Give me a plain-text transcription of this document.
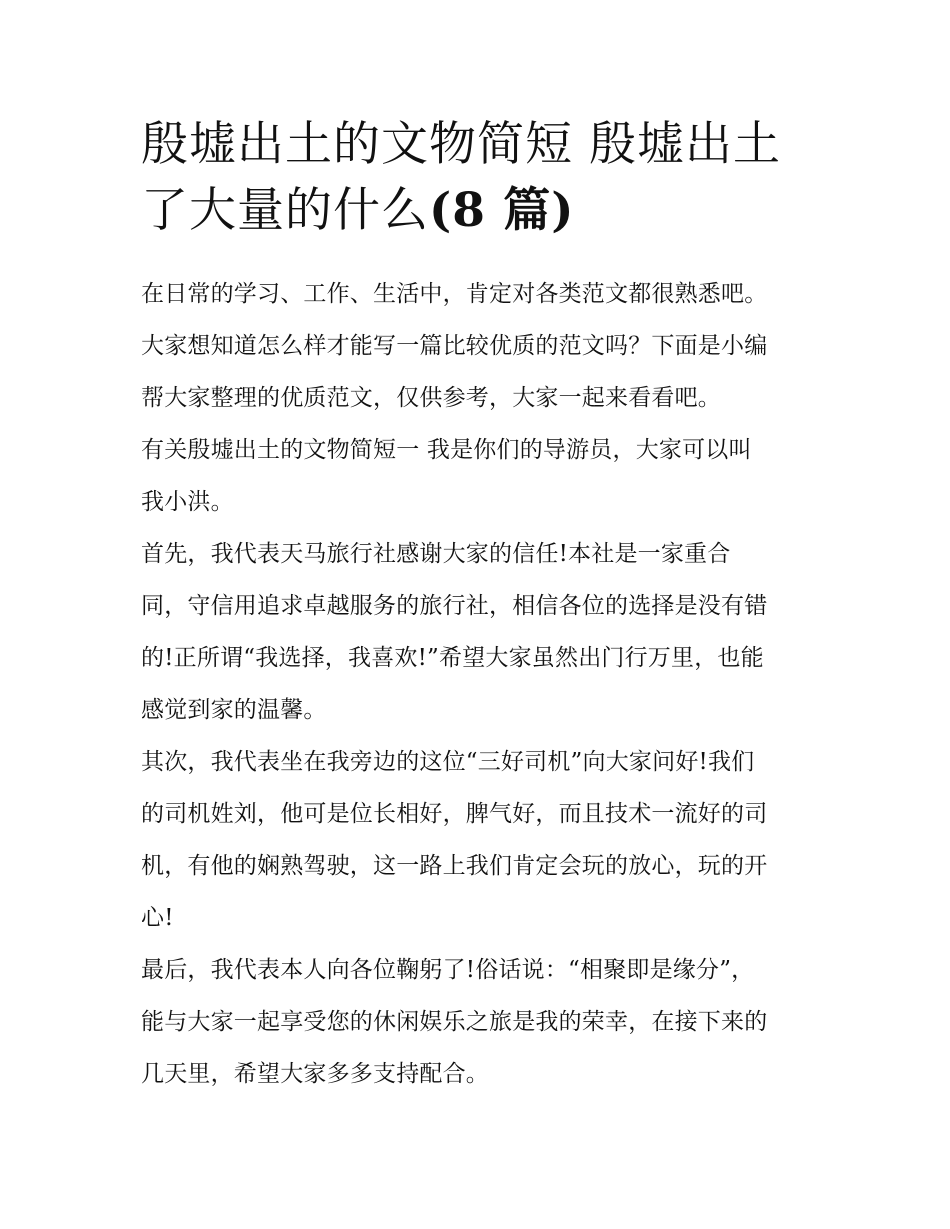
殷墟出土的文物简短 殷墟出土
了大量的什么(8 篇)

在日常的学习、工作、生活中，肯定对各类范文都很熟悉吧。
大家想知道怎么样才能写一篇比较优质的范文吗？下面是小编
帮大家整理的优质范文，仅供参考，大家一起来看看吧。

有关殷墟出土的文物简短一 我是你们的导游员，大家可以叫
我小洪。

首先，我代表天马旅行社感谢大家的信任!本社是一家重合
同，守信用追求卓越服务的旅行社，相信各位的选择是没有错
的!正所谓“我选择，我喜欢!”希望大家虽然出门行万里，也能
感觉到家的温馨。

其次，我代表坐在我旁边的这位“三好司机”向大家问好!我们
的司机姓刘，他可是位长相好，脾气好，而且技术一流好的司
机，有他的娴熟驾驶，这一路上我们肯定会玩的放心，玩的开
心!

最后，我代表本人向各位鞠躬了!俗话说：“相聚即是缘分”，
能与大家一起享受您的休闲娱乐之旅是我的荣幸，在接下来的
几天里，希望大家多多支持配合。
